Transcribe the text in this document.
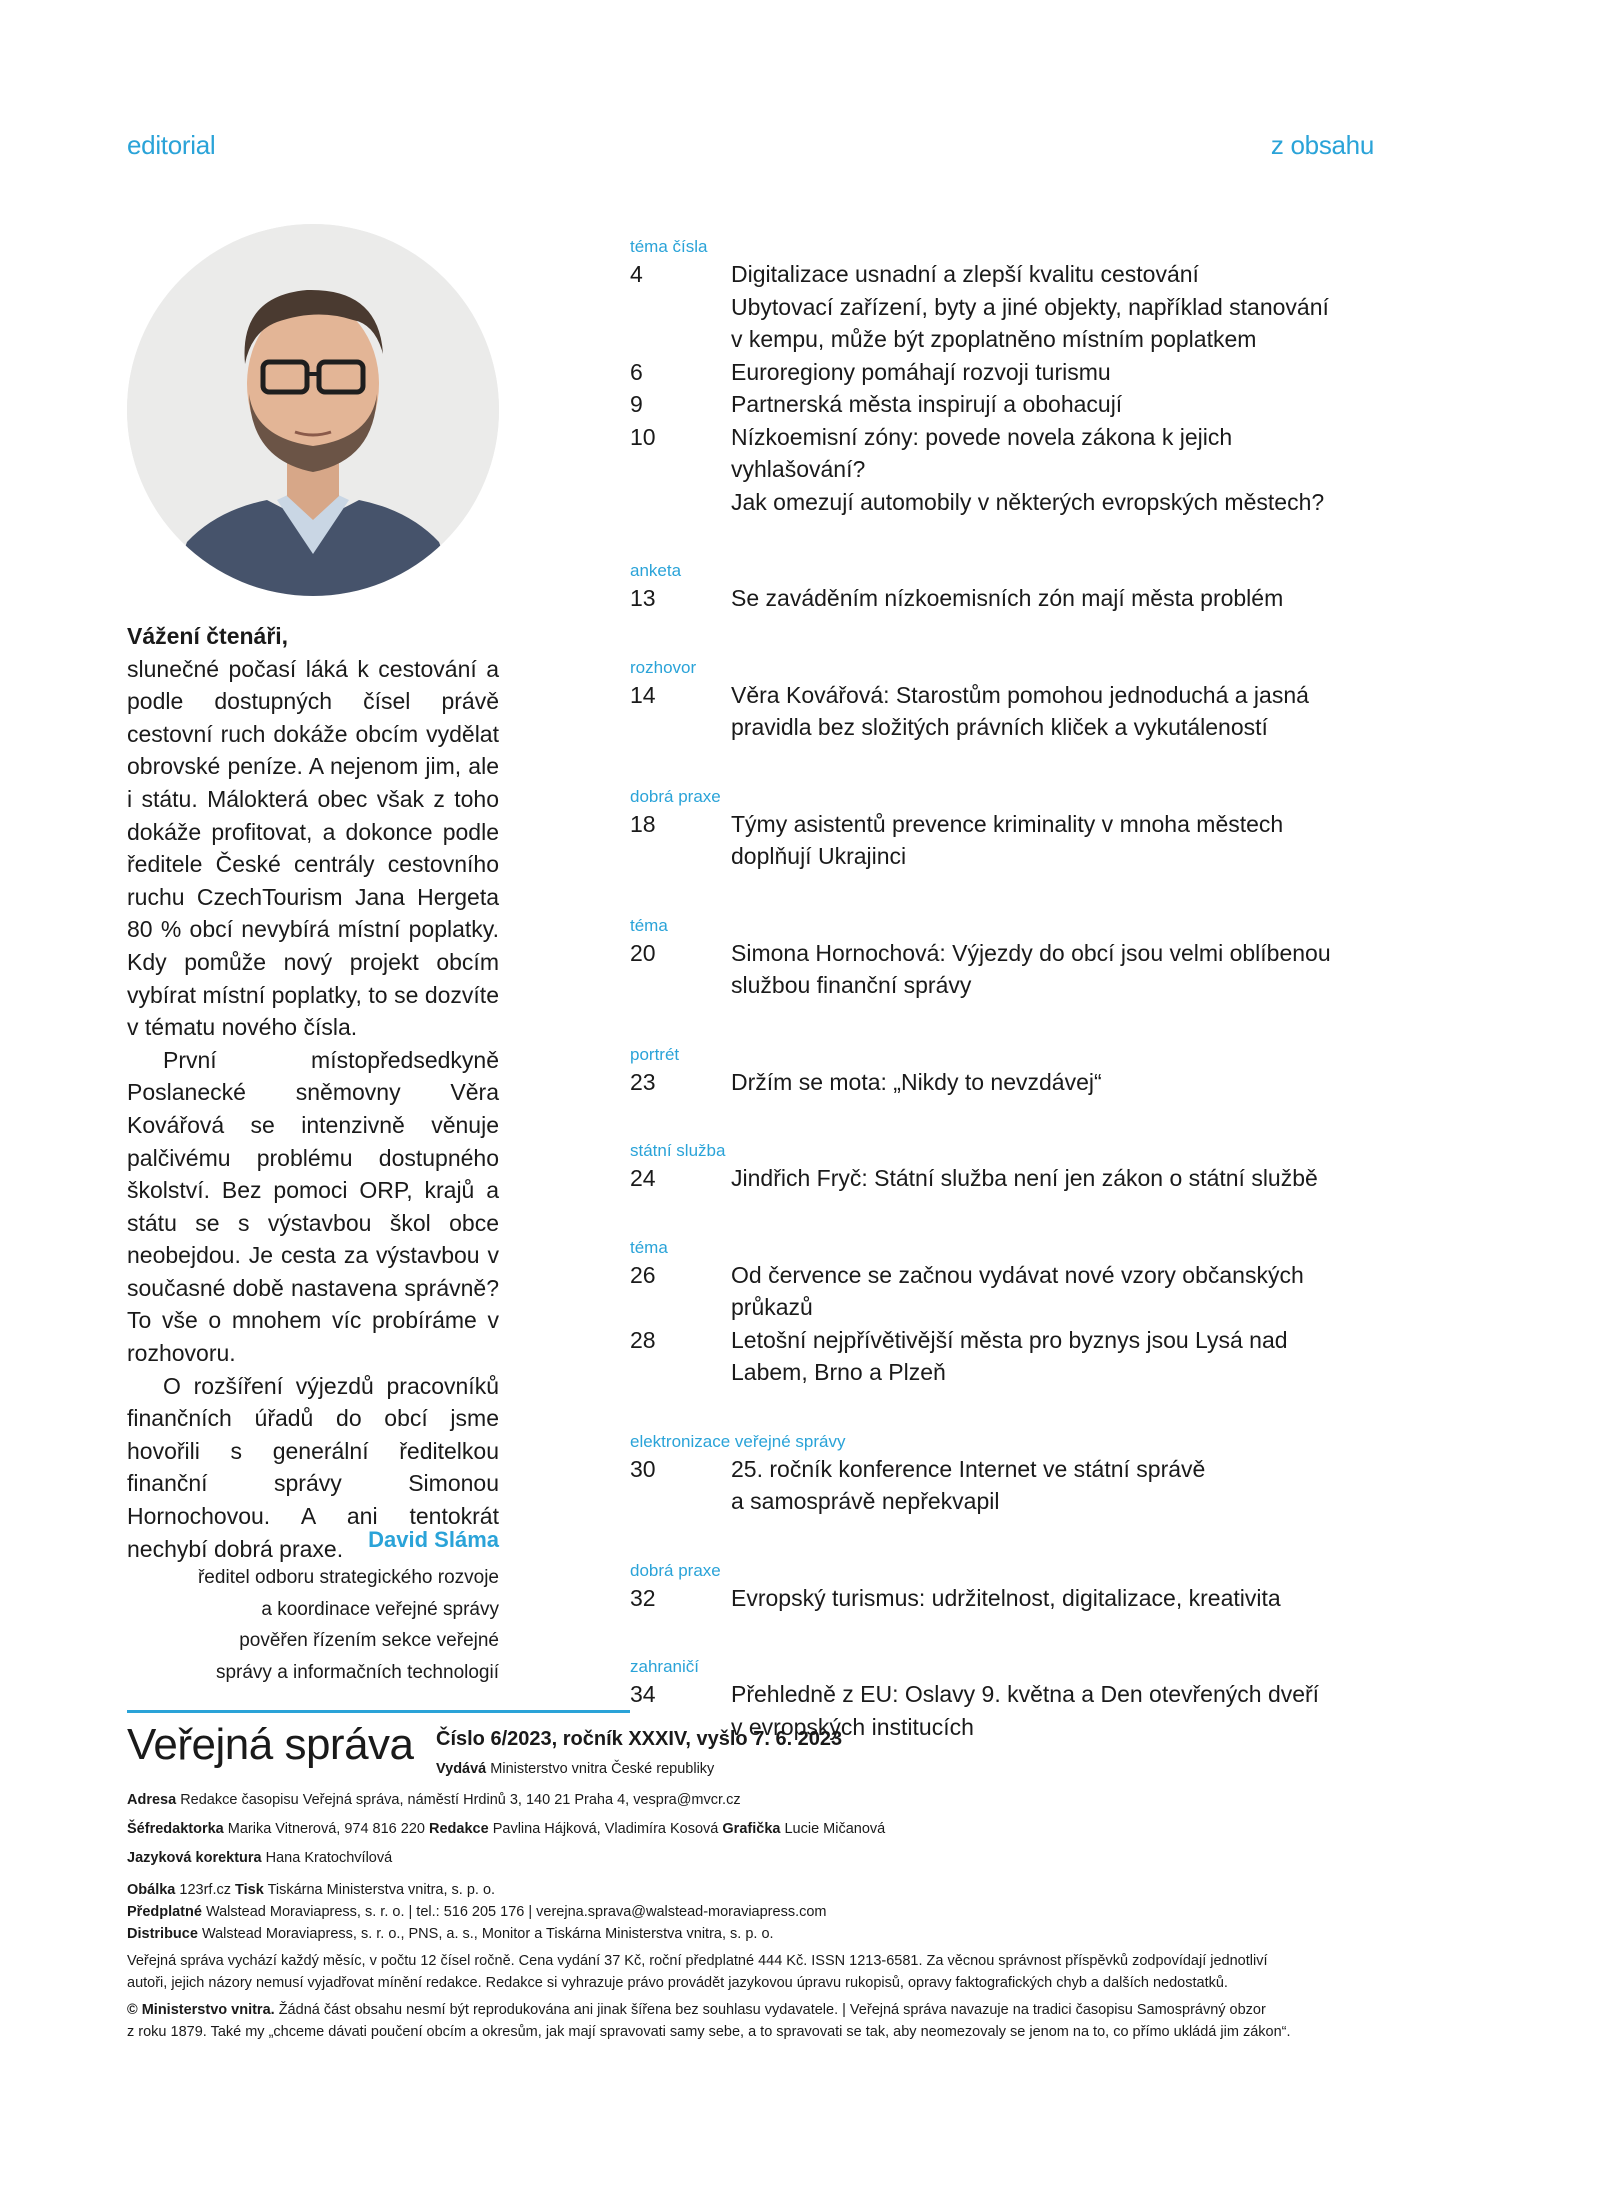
editorial	z obsahu

Vážení čtenáři,

slunečné počasí láká k cestování a podle dostupných čísel právě cestovní ruch dokáže obcím vydělat obrovské peníze. A nejenom jim, ale i státu. Málokterá obec však z toho dokáže profitovat, a dokonce podle ředitele České centrály cestovního ruchu CzechTourism Jana Hergeta 80 % obcí nevybírá místní poplatky. Kdy pomůže nový projekt obcím vybírat místní poplatky, to se dozvíte v tématu nového čísla.

První místopředsedkyně Poslanecké sněmovny Věra Kovářová se intenzivně věnuje palčivému problému dostupného školství. Bez pomoci ORP, krajů a státu se s výstavbou škol obce neobejdou. Je cesta za výstavbou v současné době nastavena správně? To vše o mnohem víc probíráme v rozhovoru.

O rozšíření výjezdů pracovníků finančních úřadů do obcí jsme hovořili s generální ředitelkou finanční správy Simonou Hornochovou. A ani tentokrát nechybí dobrá praxe.	David Sláma
ředitel odboru strategického rozvoje
a koordinace veřejné správy
pověřen řízením sekce veřejné
správy a informačních technologií
téma čísla
4	Digitalizace usnadní a zlepší kvalitu cestování
Ubytovací zařízení, byty a jiné objekty, například stanování
v kempu, může být zpoplatněno místním poplatkem
6	Euroregiony pomáhají rozvoji turismu
9	Partnerská města inspirují a obohacují
10	Nízkoemisní zóny: povede novela zákona k jejich vyhlašování?
Jak omezují automobily v některých evropských městech?
anketa
13	Se zaváděním nízkoemisních zón mají města problém
rozhovor
14	Věra Kovářová: Starostům pomohou jednoduchá a jasná
pravidla bez složitých právních kliček a vykutáleností
dobrá praxe
18	Týmy asistentů prevence kriminality v mnoha městech
doplňují Ukrajinci
téma
20	Simona Hornochová: Výjezdy do obcí jsou velmi oblíbenou
službou finanční správy
portrét
23	Držím se mota: „Nikdy to nevzdávej“
státní služba
24	Jindřich Fryč: Státní služba není jen zákon o státní službě
téma
26	Od července se začnou vydávat nové vzory občanských průkazů
28	Letošní nejpřívětivější města pro byznys jsou Lysá nad
Labem, Brno a Plzeň
elektronizace veřejné správy
30	25. ročník konference Internet ve státní správě
a samosprávě nepřekvapil
dobrá praxe
32	Evropský turismus: udržitelnost, digitalizace, kreativita
zahraničí
34	Přehledně z EU: Oslavy 9. května a Den otevřených dveří
v evropských institucích
Veřejná správa Číslo 6/2023, ročník XXXIV, vyšlo 7. 6. 2023
Vydává Ministerstvo vnitra České republiky
Adresa Redakce časopisu Veřejná správa, náměstí Hrdinů 3, 140 21 Praha 4, vespra@mvcr.cz
Šéfredaktorka Marika Vitnerová, 974 816 220 Redakce Pavlina Hájková, Vladimíra Kosová Grafička Lucie Mičanová
Jazyková korektura Hana Kratochvílová
Obálka 123rf.cz Tisk Tiskárna Ministerstva vnitra, s. p. o.
Předplatné Walstead Moraviapress, s. r. o. | tel.: 516 205 176 | verejna.sprava@walstead-moraviapress.com
Distribuce Walstead Moraviapress, s. r. o., PNS, a. s., Monitor a Tiskárna Ministerstva vnitra, s. p. o.
Veřejná správa vychází každý měsíc, v počtu 12 čísel ročně. Cena vydání 37 Kč, roční předplatné 444 Kč. ISSN 1213-6581. Za věcnou správnost příspěvků zodpovídají jednotliví
autoři, jejich názory nemusí vyjadřovat mínění redakce. Redakce si vyhrazuje právo provádět jazykovou úpravu rukopisů, opravy faktografických chyb a dalších nedostatků.
© Ministerstvo vnitra. Žádná část obsahu nesmí být reprodukována ani jinak šířena bez souhlasu vydavatele. | Veřejná správa navazuje na tradici časopisu Samosprávný obzor
z roku 1879. Také my „chceme dávati poučení obcím a okresům, jak mají spravovati samy sebe, a to spravovati se tak, aby neomezovaly se jenom na to, co přímo ukládá jim zákon“.
